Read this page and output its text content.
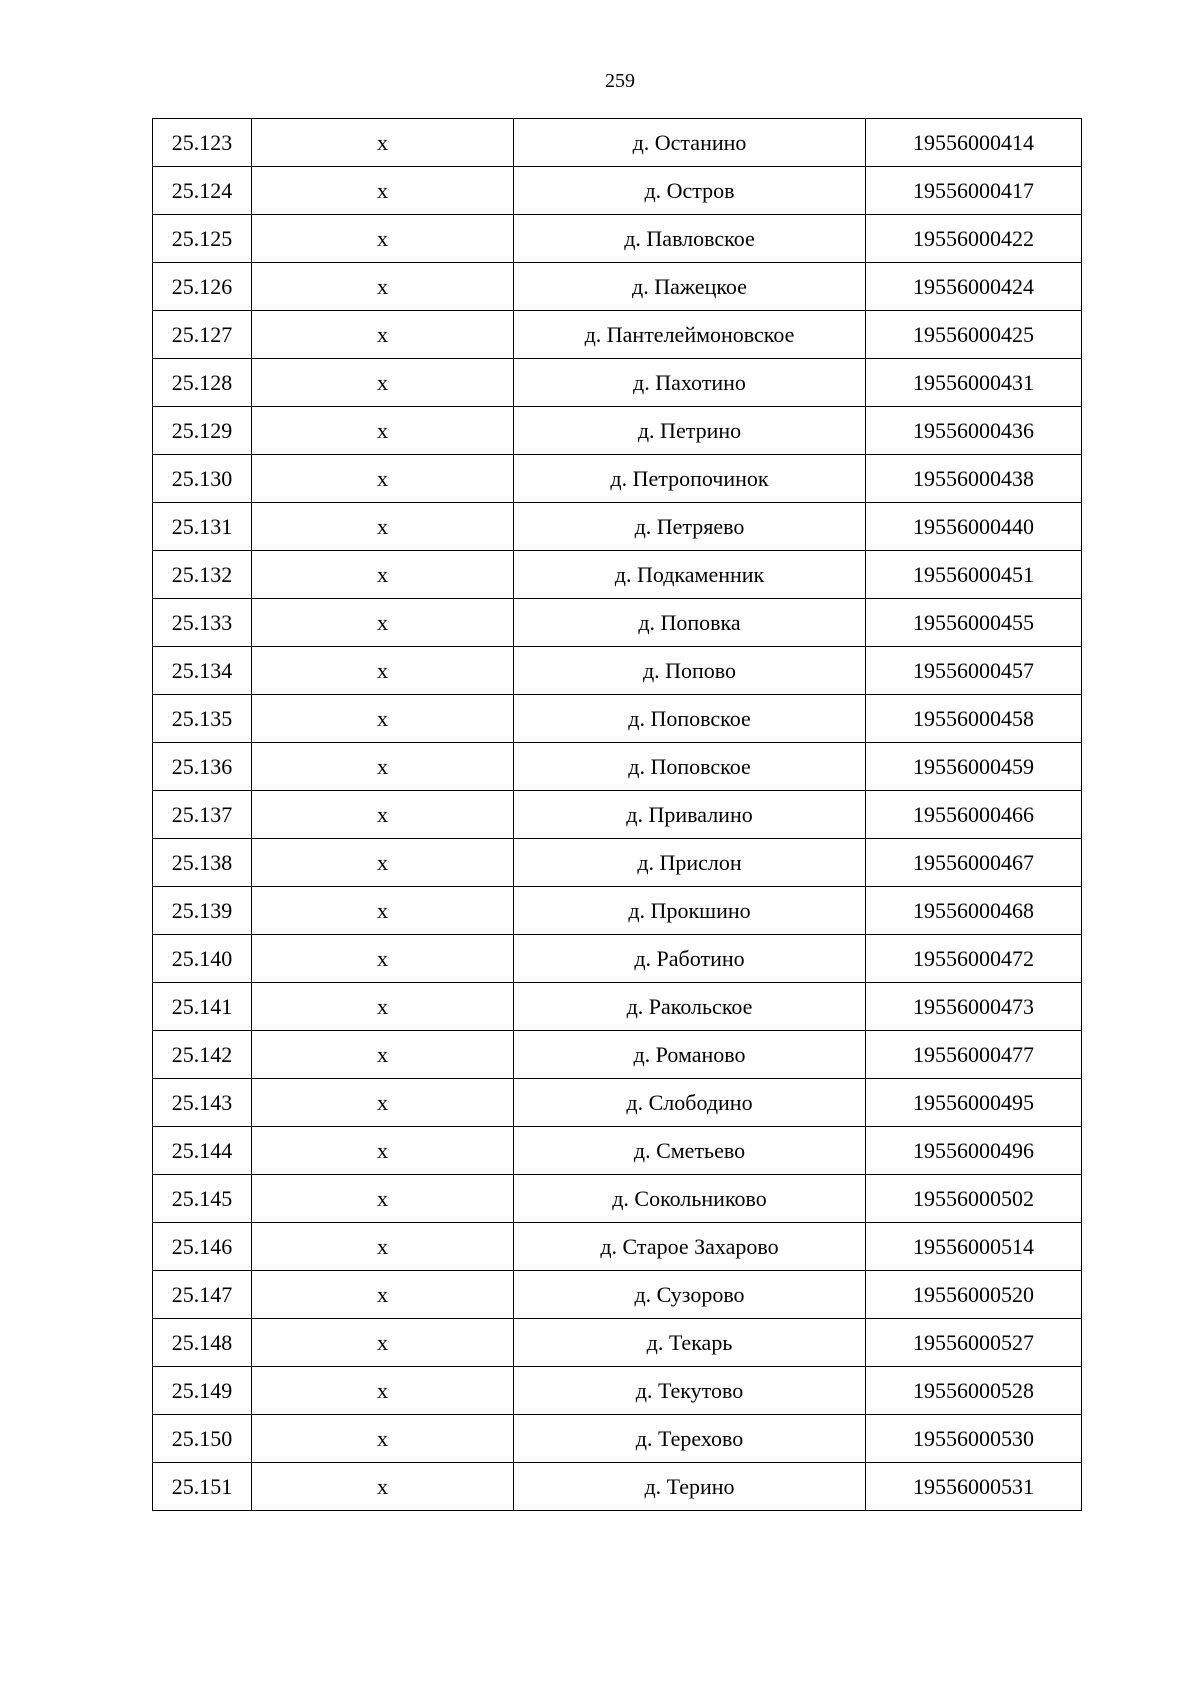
259
25.123	x	д. Останино	19556000414
25.124	x	д. Остров	19556000417
25.125	x	д. Павловское	19556000422
25.126	x	д. Пажецкое	19556000424
25.127	x	д. Пантелеймоновское	19556000425
25.128	x	д. Пахотино	19556000431
25.129	x	д. Петрино	19556000436
25.130	x	д. Петропочинок	19556000438
25.131	x	д. Петряево	19556000440
25.132	x	д. Подкаменник	19556000451
25.133	x	д. Поповка	19556000455
25.134	x	д. Попово	19556000457
25.135	x	д. Поповское	19556000458
25.136	x	д. Поповское	19556000459
25.137	x	д. Привалино	19556000466
25.138	x	д. Прислон	19556000467
25.139	x	д. Прокшино	19556000468
25.140	x	д. Работино	19556000472
25.141	x	д. Ракольское	19556000473
25.142	x	д. Романово	19556000477
25.143	x	д. Слободино	19556000495
25.144	x	д. Сметьево	19556000496
25.145	x	д. Сокольниково	19556000502
25.146	x	д. Старое Захарово	19556000514
25.147	x	д. Сузорово	19556000520
25.148	x	д. Текарь	19556000527
25.149	x	д. Текутово	19556000528
25.150	x	д. Терехово	19556000530
25.151	x	д. Терино	19556000531
